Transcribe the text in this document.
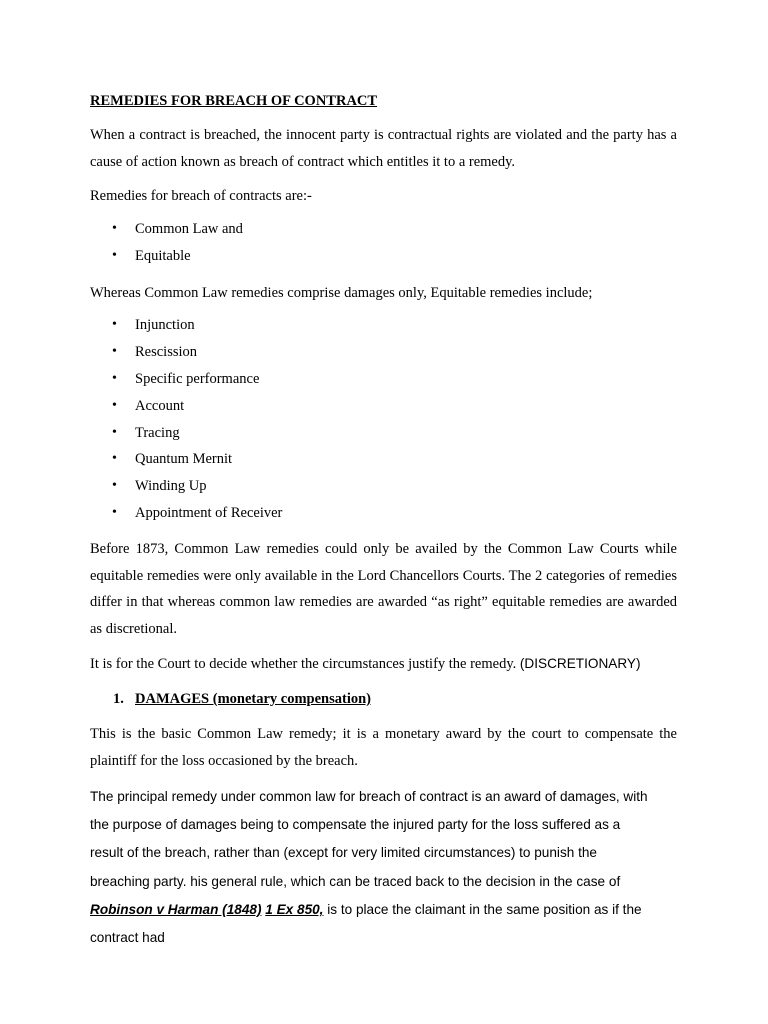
REMEDIES FOR BREACH OF CONTRACT

When a contract is breached, the innocent party is contractual rights are violated and the party has a cause of action known as breach of contract which entitles it to a remedy.

Remedies for breach of contracts are:-

• Common Law and
• Equitable

Whereas Common Law remedies comprise damages only, Equitable remedies include;

• Injunction
• Rescission
• Specific performance
• Account
• Tracing
• Quantum Mernit
• Winding Up
• Appointment of Receiver

Before 1873, Common Law remedies could only be availed by the Common Law Courts while equitable remedies were only available in the Lord Chancellors Courts. The 2 categories of remedies differ in that whereas common law remedies are awarded “as right” equitable remedies are awarded as discretional.

It is for the Court to decide whether the circumstances justify the remedy. (DISCRETIONARY)

1. DAMAGES (monetary compensation)

This is the basic Common Law remedy; it is a monetary award by the court to compensate the plaintiff for the loss occasioned by the breach.

The principal remedy under common law for breach of contract is an award of damages, with the purpose of damages being to compensate the injured party for the loss suffered as a result of the breach, rather than (except for very limited circumstances) to punish the breaching party. his general rule, which can be traced back to the decision in the case of Robinson v Harman (1848) 1 Ex 850, is to place the claimant in the same position as if the contract had
